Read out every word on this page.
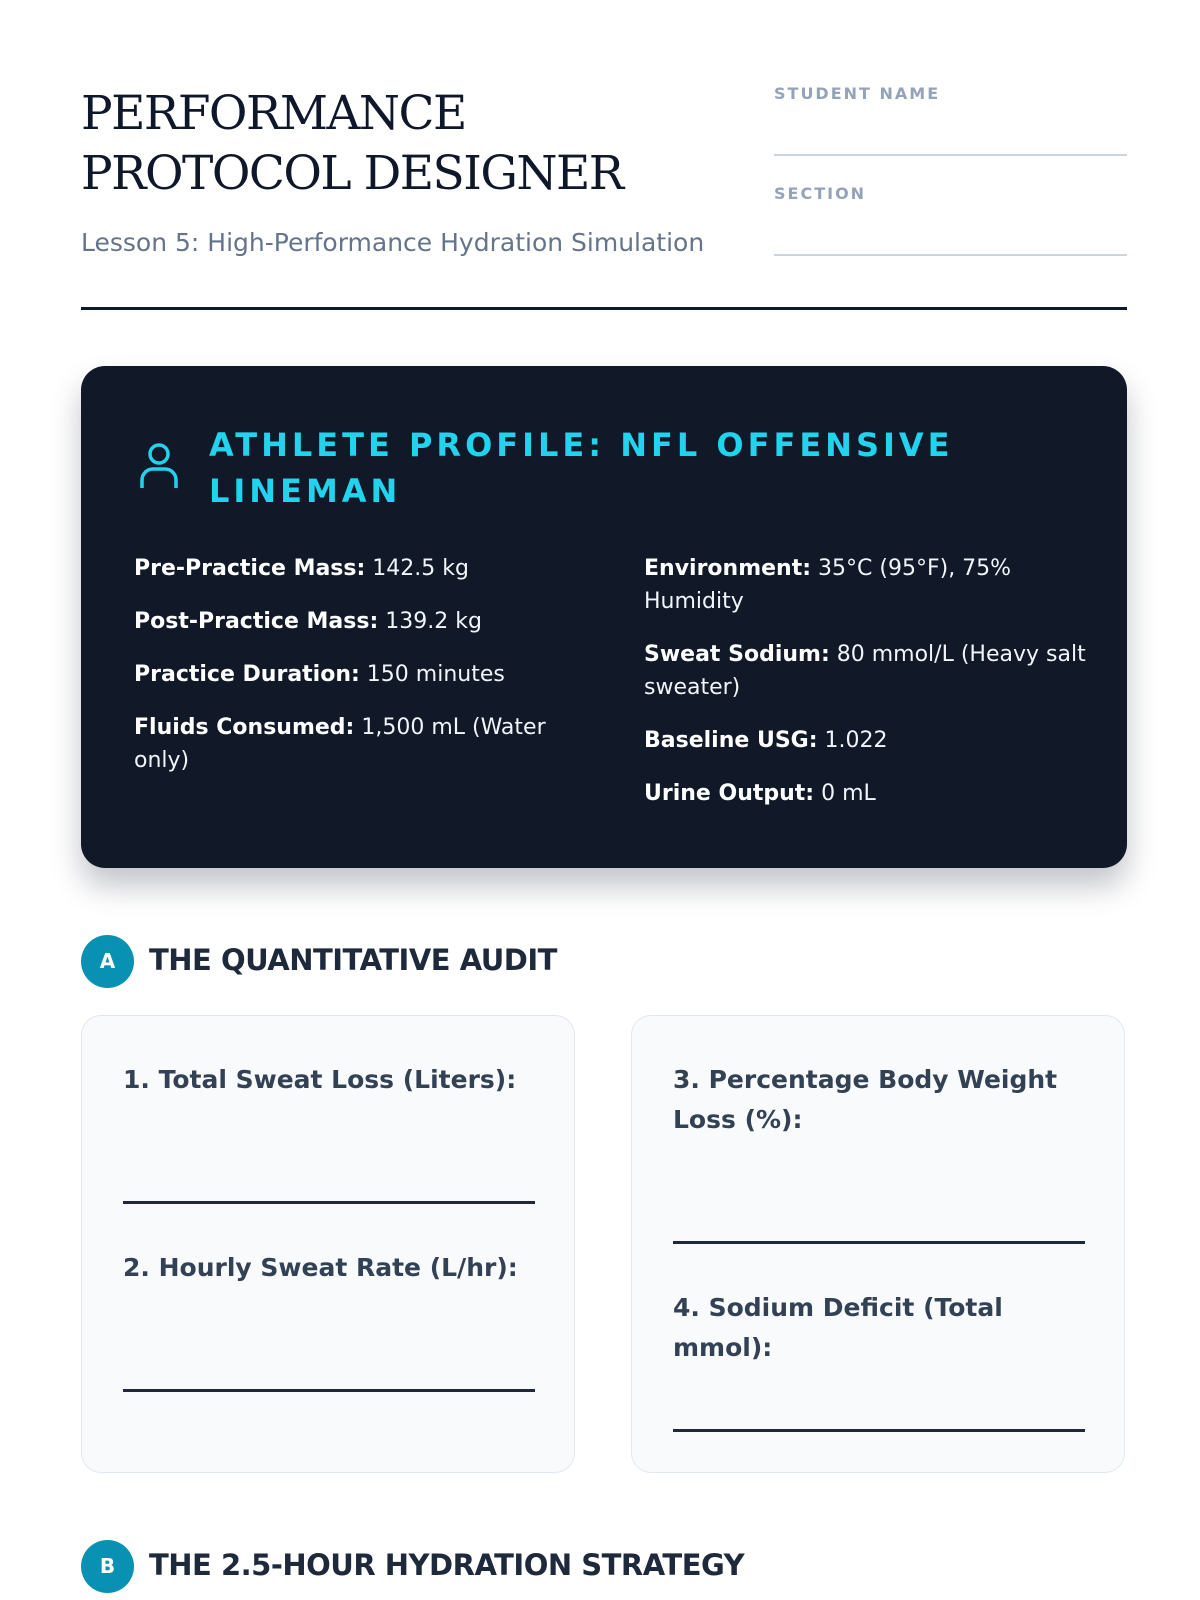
PERFORMANCE PROTOCOL DESIGNER
Lesson 5: High-Performance Hydration Simulation
STUDENT NAME
SECTION
ATHLETE PROFILE: NFL OFFENSIVE LINEMAN
Pre-Practice Mass: 142.5 kg
Post-Practice Mass: 139.2 kg
Practice Duration: 150 minutes
Fluids Consumed: 1,500 mL (Water only)
Environment: 35°C (95°F), 75% Humidity
Sweat Sodium: 80 mmol/L (Heavy salt sweater)
Baseline USG: 1.022
Urine Output: 0 mL
A	THE QUANTITATIVE AUDIT
1. Total Sweat Loss (Liters):
2. Hourly Sweat Rate (L/hr):
3. Percentage Body Weight Loss (%):
4. Sodium Deficit (Total mmol):
B	THE 2.5-HOUR HYDRATION STRATEGY
